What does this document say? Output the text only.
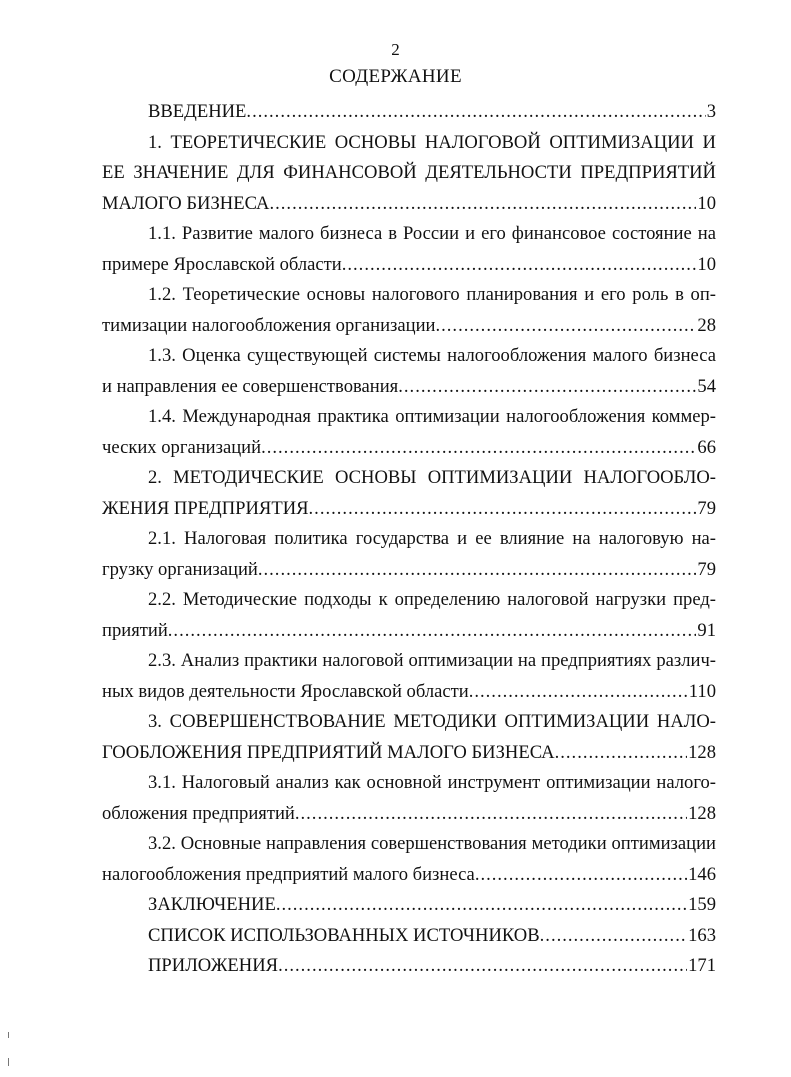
2
СОДЕРЖАНИЕ
ВВЕДЕНИЕ .....	3
1. ТЕОРЕТИЧЕСКИЕ ОСНОВЫ НАЛОГОВОЙ ОПТИМИЗАЦИИ И
ЕЕ ЗНАЧЕНИЕ ДЛЯ ФИНАНСОВОЙ ДЕЯТЕЛЬНОСТИ ПРЕДПРИЯТИЙ
МАЛОГО БИЗНЕСА .....	10
1.1. Развитие малого бизнеса в России и его финансовое состояние на
примере Ярославской области .....	10
1.2. Теоретические основы налогового планирования и его роль в оп-
тимизации налогообложения организации .....	28
1.3. Оценка существующей системы налогообложения малого бизнеса
и направления ее совершенствования .....	54
1.4. Международная практика оптимизации налогообложения коммер-
ческих организаций .....	66
2. МЕТОДИЧЕСКИЕ ОСНОВЫ ОПТИМИЗАЦИИ НАЛОГООБЛО-
ЖЕНИЯ ПРЕДПРИЯТИЯ .....	79
2.1. Налоговая политика государства и ее влияние на налоговую на-
грузку организаций .....	79
2.2. Методические подходы к определению налоговой нагрузки пред-
приятий .....	91
2.3. Анализ практики налоговой оптимизации на предприятиях различ-
ных видов деятельности Ярославской области .....	110
3. СОВЕРШЕНСТВОВАНИЕ МЕТОДИКИ ОПТИМИЗАЦИИ НАЛО-
ГООБЛОЖЕНИЯ ПРЕДПРИЯТИЙ МАЛОГО БИЗНЕСА .....	128
3.1. Налоговый анализ как основной инструмент оптимизации налого-
обложения предприятий .....	128
3.2. Основные направления совершенствования методики оптимизации
налогообложения предприятий малого бизнеса .....	146
ЗАКЛЮЧЕНИЕ .....	159
СПИСОК ИСПОЛЬЗОВАННЫХ ИСТОЧНИКОВ .....	163
ПРИЛОЖЕНИЯ .....	171
